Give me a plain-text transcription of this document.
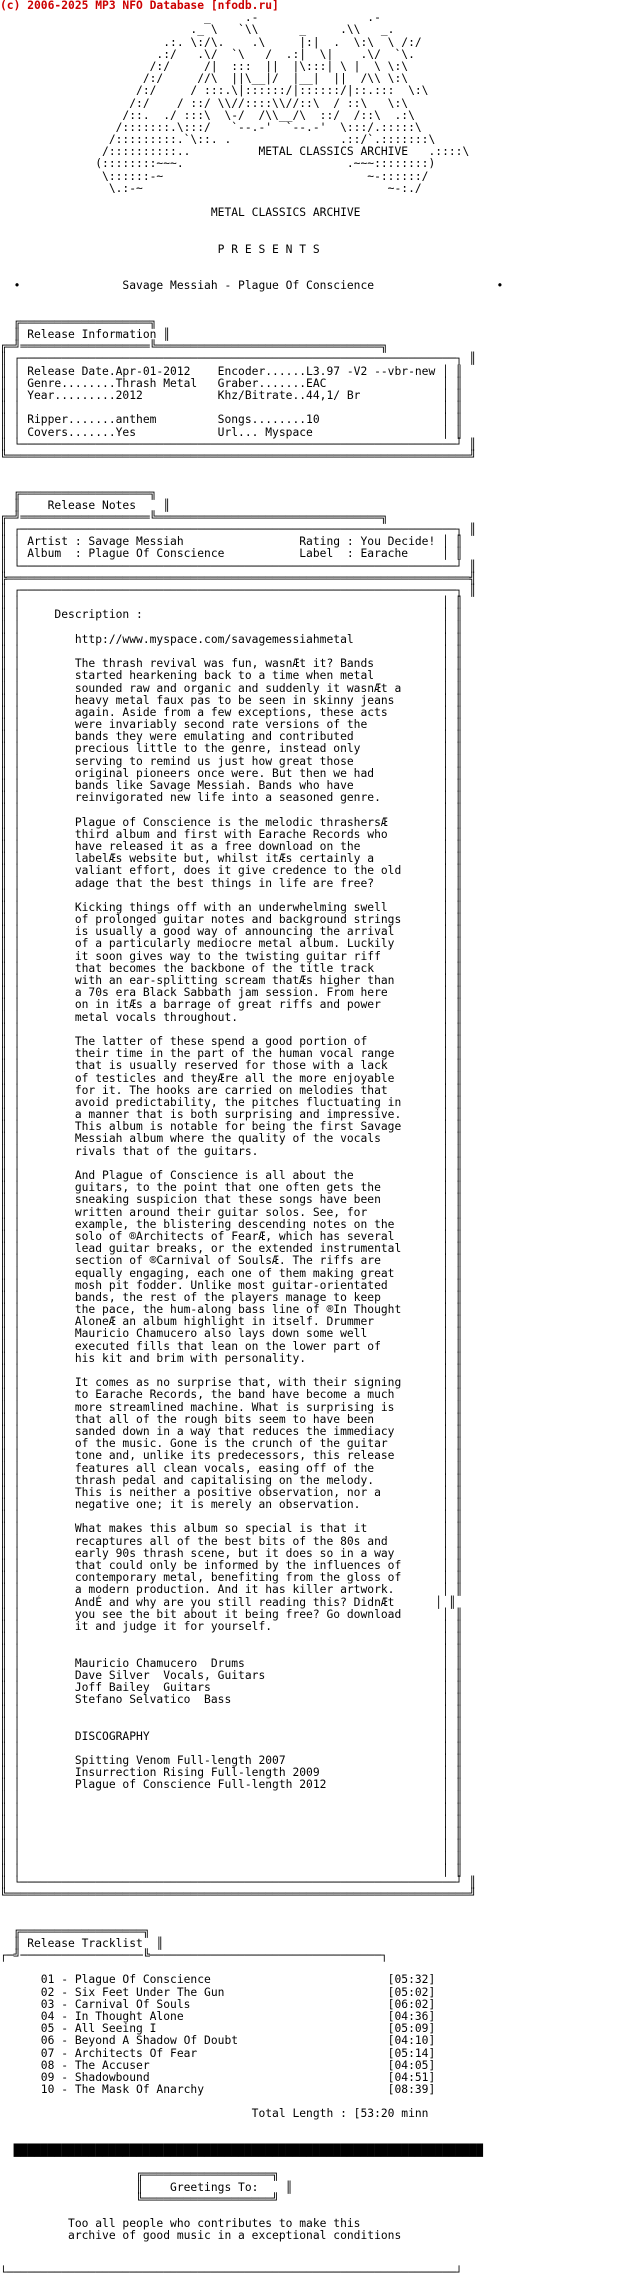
(c) 2006-2025 MP3 NFO Database [nfodb.ru]

_     .-                .-
._ \   `\\      _     .\\   _.
.:. \:/\.    .\     |:|  .  \:\  \ /:/
.:/   .\/  `\   /  .:|  \|    .\/  `\.
/:/     /|  :::  ||  |\:::| \ |  \ \:\
/:/     //\  ||\__|/  |__|  ||  /\\ \:\
/:/     / :::.\|::::::/|::::::/|::.:::  \:\
/:/    / ::/ \\//::::\\//::\  / ::\   \:\
/::.  ./ :::\  \-/  /\\__/\  ::/  /::\  .:\
/:::::::.\:::/   `--.-'  `--.-'  \:::/.:::::\
/:::::::::.`\::. .                .::/`.:::::::\
/::::::::::..          METAL CLASSICS ARCHIVE   .::::\
(::::::::~~~.                        .~~~::::::::)
\::::::-~                              ~-::::::/
\.:-~                                    ~-:./

METAL CLASSICS ARCHIVE

P R E S E N T S

•               Savage Messiah - Plague Of Conscience                  •

╔═══════════════════╗
║ Release Information ║
╔═╝═══════════════════╚═════════════════════════════════╗
║ ┌────────────────────────────────────────────────────────────────┐ ║
║ │ Release Date.Apr-01-2012    Encoder......L3.97 -V2 --vbr-new │ ║
║ │ Genre........Thrash Metal   Graber.......EAC                 │ ║
║ │ Year.........2012           Khz/Bitrate..44,1/ Br            │ ║
║ │                                                              │ ║
║ │ Ripper.......anthem         Songs........10                  │ ║
║ │ Covers.......Yes            Url... Myspace                   │ ║
║ └────────────────────────────────────────────────────────────────┘ ║
╚════════════════════════════════════════════════════════════════════╝

╔═══════════════════╗
║    Release Notes    ║
╔═╝═══════════════════╚═════════════════════════════════╗
║ ┌────────────────────────────────────────────────────────────────┐ ║
║ │ Artist : Savage Messiah                 Rating : You Decide! │ ║
║ │ Album  : Plague Of Conscience           Label  : Earache     │ ║
║ └────────────────────────────────────────────────────────────────┘ ║
╠════════════════════════════════════════════════════════════════════╣
║ ┌────────────────────────────────────────────────────────────────┐ ║
║ │                                                              │ ║
║ │     Description :                                            │ ║
║ │                                                              │ ║
║ │        http://www.myspace.com/savagemessiahmetal             │ ║
║ │                                                              │ ║
║ │        The thrash revival was fun, wasnÆt it? Bands          │ ║
║ │        started hearkening back to a time when metal          │ ║
║ │        sounded raw and organic and suddenly it wasnÆt a      │ ║
║ │        heavy metal faux pas to be seen in skinny jeans       │ ║
║ │        again. Aside from a few exceptions, these acts        │ ║
║ │        were invariably second rate versions of the           │ ║
║ │        bands they were emulating and contributed             │ ║
║ │        precious little to the genre, instead only            │ ║
║ │        serving to remind us just how great those             │ ║
║ │        original pioneers once were. But then we had          │ ║
║ │        bands like Savage Messiah. Bands who have             │ ║
║ │        reinvigorated new life into a seasoned genre.         │ ║
║ │                                                              │ ║
║ │        Plague of Conscience is the melodic thrashersÆ        │ ║
║ │        third album and first with Earache Records who        │ ║
║ │        have released it as a free download on the            │ ║
║ │        labelÆs website but, whilst itÆs certainly a          │ ║
║ │        valiant effort, does it give credence to the old      │ ║
║ │        adage that the best things in life are free?          │ ║
║ │                                                              │ ║
║ │        Kicking things off with an underwhelming swell        │ ║
║ │        of prolonged guitar notes and background strings      │ ║
║ │        is usually a good way of announcing the arrival       │ ║
║ │        of a particularly mediocre metal album. Luckily       │ ║
║ │        it soon gives way to the twisting guitar riff         │ ║
║ │        that becomes the backbone of the title track          │ ║
║ │        with an ear-splitting scream thatÆs higher than       │ ║
║ │        a 70s era Black Sabbath jam session. From here        │ ║
║ │        on in itÆs a barrage of great riffs and power         │ ║
║ │        metal vocals throughout.                              │ ║
║ │                                                              │ ║
║ │        The latter of these spend a good portion of           │ ║
║ │        their time in the part of the human vocal range       │ ║
║ │        that is usually reserved for those with a lack        │ ║
║ │        of testicles and theyÆre all the more enjoyable       │ ║
║ │        for it. The hooks are carried on melodies that        │ ║
║ │        avoid predictability, the pitches fluctuating in      │ ║
║ │        a manner that is both surprising and impressive.      │ ║
║ │        This album is notable for being the first Savage      │ ║
║ │        Messiah album where the quality of the vocals         │ ║
║ │        rivals that of the guitars.                           │ ║
║ │                                                              │ ║
║ │        And Plague of Conscience is all about the             │ ║
║ │        guitars, to the point that one often gets the         │ ║
║ │        sneaking suspicion that these songs have been         │ ║
║ │        written around their guitar solos. See, for           │ ║
║ │        example, the blistering descending notes on the       │ ║
║ │        solo of ®Architects of FearÆ, which has several       │ ║
║ │        lead guitar breaks, or the extended instrumental      │ ║
║ │        section of ®Carnival of SoulsÆ. The riffs are         │ ║
║ │        equally engaging, each one of them making great       │ ║
║ │        mosh pit fodder. Unlike most guitar-orientated        │ ║
║ │        bands, the rest of the players manage to keep         │ ║
║ │        the pace, the hum-along bass line of ®In Thought      │ ║
║ │        AloneÆ an album highlight in itself. Drummer          │ ║
║ │        Mauricio Chamucero also lays down some well           │ ║
║ │        executed fills that lean on the lower part of         │ ║
║ │        his kit and brim with personality.                    │ ║
║ │                                                              │ ║
║ │        It comes as no surprise that, with their signing      │ ║
║ │        to Earache Records, the band have become a much       │ ║
║ │        more streamlined machine. What is surprising is       │ ║
║ │        that all of the rough bits seem to have been          │ ║
║ │        sanded down in a way that reduces the immediacy       │ ║
║ │        of the music. Gone is the crunch of the guitar        │ ║
║ │        tone and, unlike its predecessors, this release       │ ║
║ │        features all clean vocals, easing off of the          │ ║
║ │        thrash pedal and capitalising on the melody.          │ ║
║ │        This is neither a positive observation, nor a         │ ║
║ │        negative one; it is merely an observation.            │ ║
║ │                                                              │ ║
║ │        What makes this album so special is that it           │ ║
║ │        recaptures all of the best bits of the 80s and        │ ║
║ │        early 90s thrash scene, but it does so in a way       │ ║
║ │        that could only be informed by the influences of      │ ║
║ │        contemporary metal, benefiting from the gloss of      │ ║
║ │        a modern production. And it has killer artwork.       │ ║
║ │        AndÉ and why are you still reading this? DidnÆt      │ ║
║ │        you see the bit about it being free? Go download      │ ║
║ │        it and judge it for yourself.                         │ ║
║ │                                                              │ ║
║ │                                                              │ ║
║ │        Mauricio Chamucero  Drums                             │ ║
║ │        Dave Silver  Vocals, Guitars                          │ ║
║ │        Joff Bailey  Guitars                                  │ ║
║ │        Stefano Selvatico  Bass                               │ ║
║ │                                                              │ ║
║ │                                                              │ ║
║ │        DISCOGRAPHY                                           │ ║
║ │                                                              │ ║
║ │        Spitting Venom Full-length 2007                       │ ║
║ │        Insurrection Rising Full-length 2009                  │ ║
║ │        Plague of Conscience Full-length 2012                 │ ║
║ │                                                              │ ║
║ │                                                              │ ║
║ │                                                              │ ║
║ │                                                              │ ║
║ │                                                              │ ║
║ │                                                              │ ║
║ │                                                              │ ║
║ └────────────────────────────────────────────────────────────────┘ ║
╚════════════════════════════════════════════════════════════════════╝

╔══════════════════╗
║ Release Tracklist  ║
┌─╝──────────────────╚──────────────────────────────────┐

01 - Plague Of Conscience                          [05:32]
02 - Six Feet Under The Gun                        [05:02]
03 - Carnival Of Souls                             [06:02]
04 - In Thought Alone                              [04:36]
05 - All Seeing I                                  [05:09]
06 - Beyond A Shadow Of Doubt                      [04:10]
07 - Architects Of Fear                            [05:14]
08 - The Accuser                                   [04:05]
09 - Shadowbound                                   [04:51]
10 - The Mask Of Anarchy                           [08:39]

Total Length : [53:20 minn

█████████████████████████████████████████████████████████████████████

╔═══════════════════╗
║    Greetings To:    ║
╚═══════════════════╝

Too all people who contributes to make this
archive of good music in a exceptional conditions

└──────────────────────────────────────────────────────────────────┘
